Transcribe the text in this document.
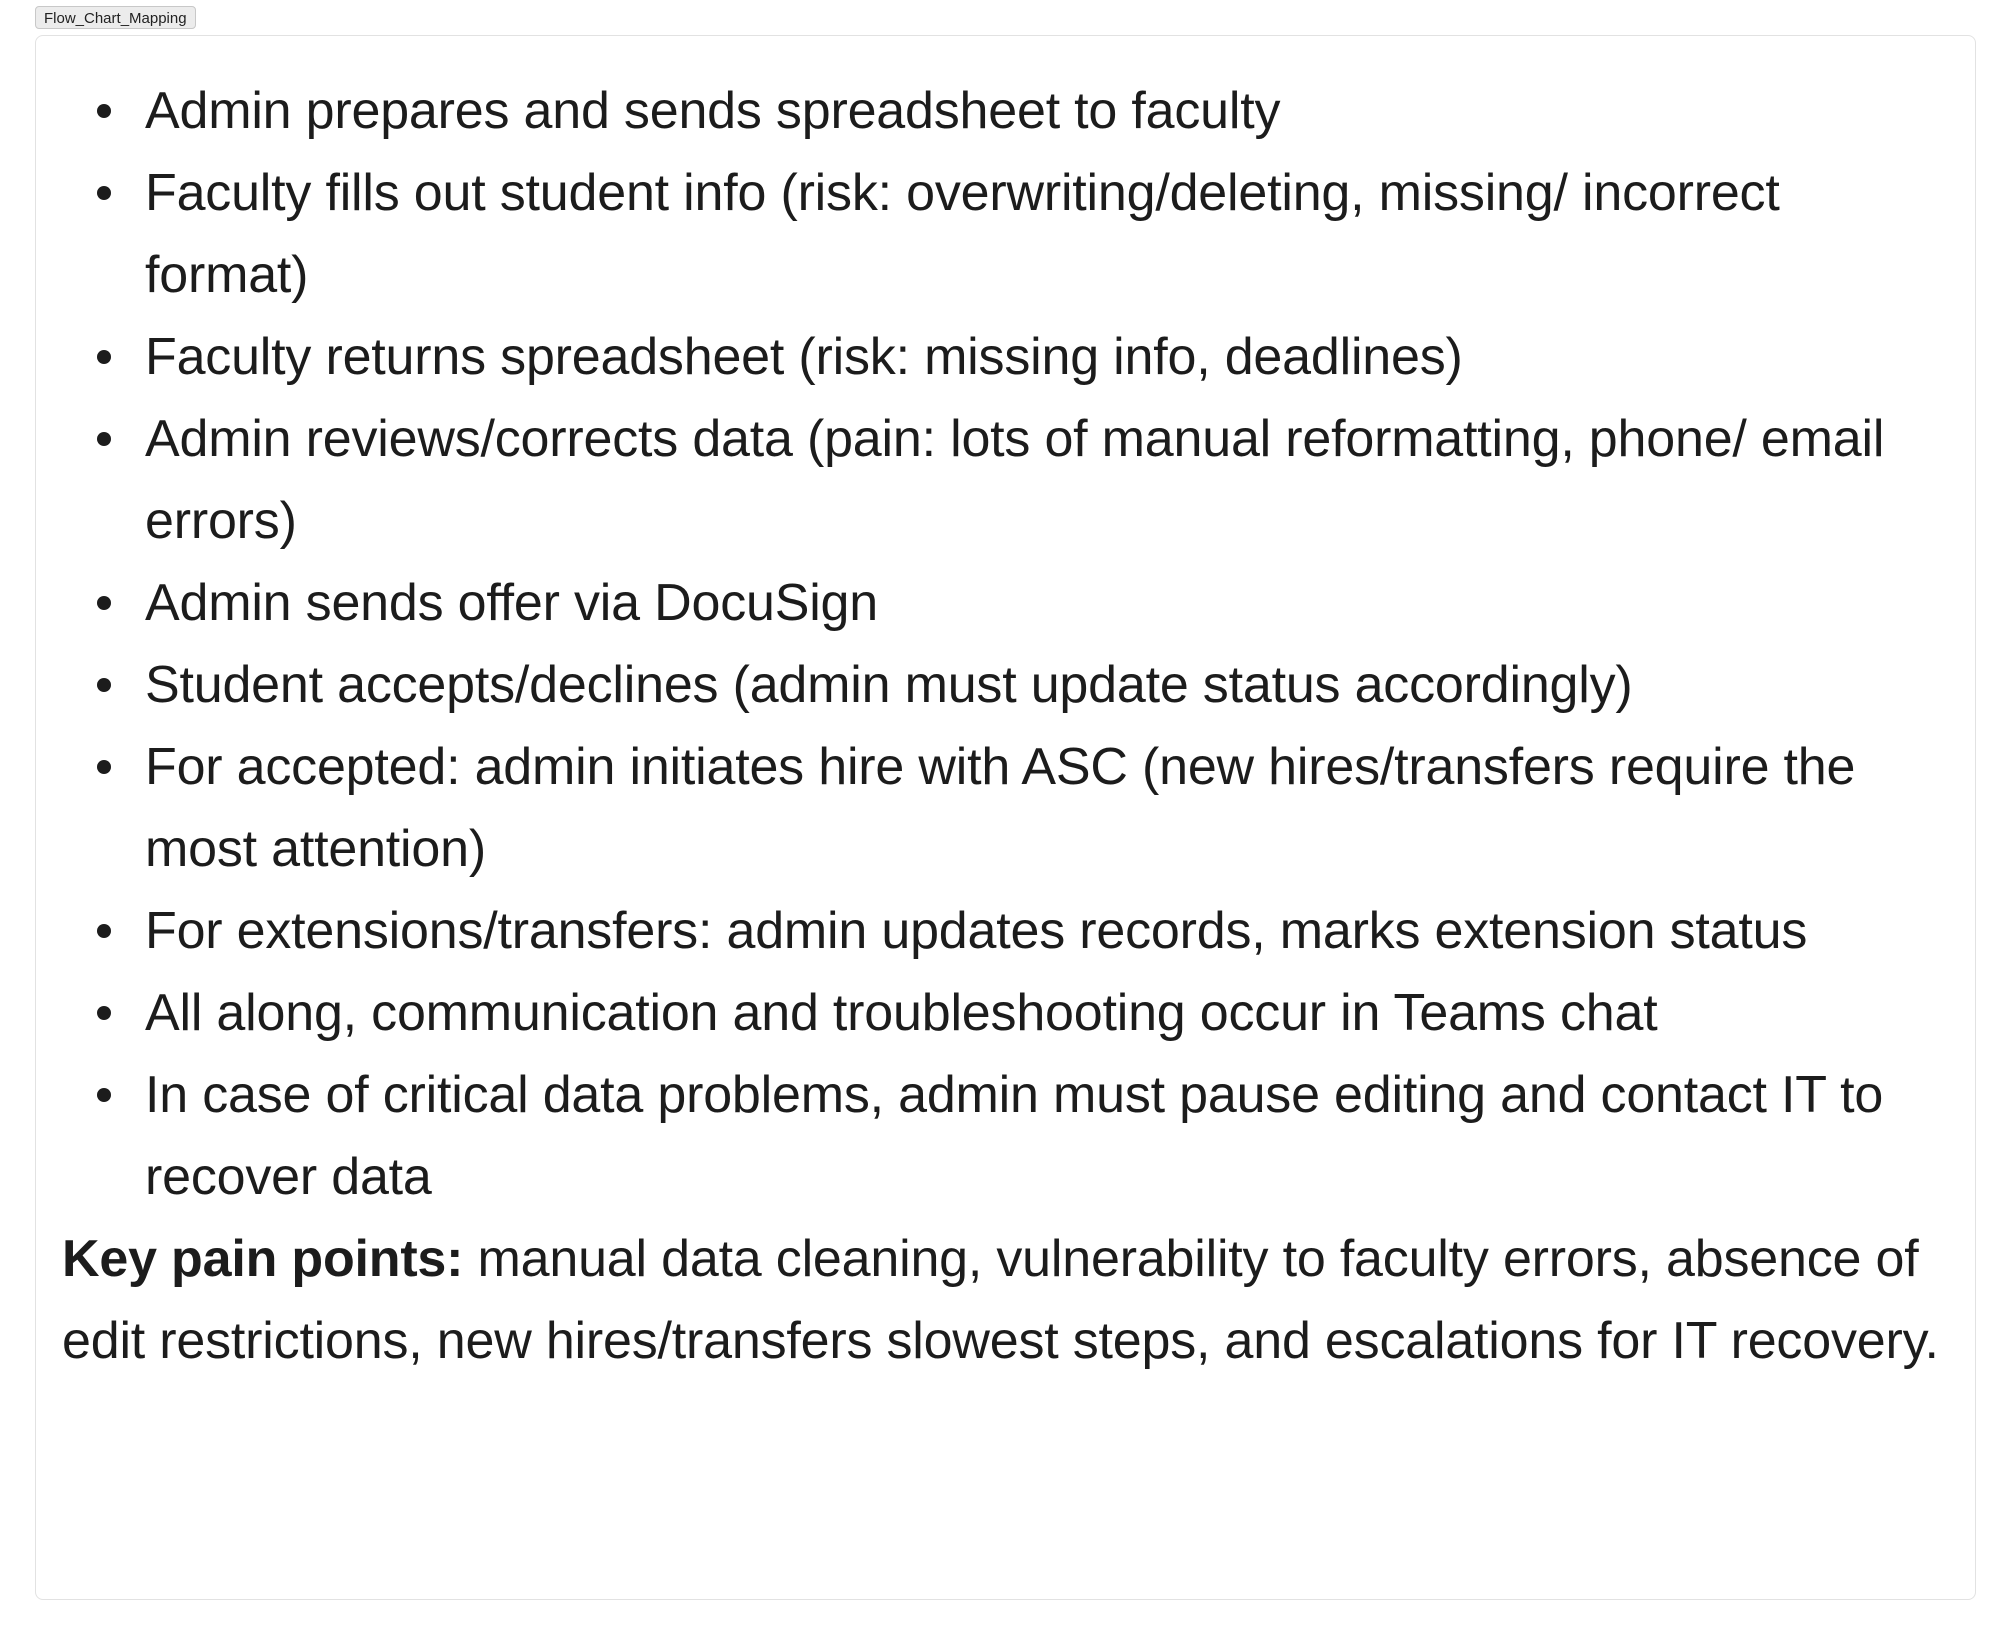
Flow_Chart_Mapping
Admin prepares and sends spreadsheet to faculty
Faculty fills out student info (risk: overwriting/deleting, missing/ incorrect format)
Faculty returns spreadsheet (risk: missing info, deadlines)
Admin reviews/corrects data (pain: lots of manual reformatting, phone/ email errors)
Admin sends offer via DocuSign
Student accepts/declines (admin must update status accordingly)
For accepted: admin initiates hire with ASC (new hires/transfers require the most attention)
For extensions/transfers: admin updates records, marks extension status
All along, communication and troubleshooting occur in Teams chat
In case of critical data problems, admin must pause editing and contact IT to recover data

Key pain points: manual data cleaning, vulnerability to faculty errors, absence of edit restrictions, new hires/transfers slowest steps, and escalations for IT recovery.
